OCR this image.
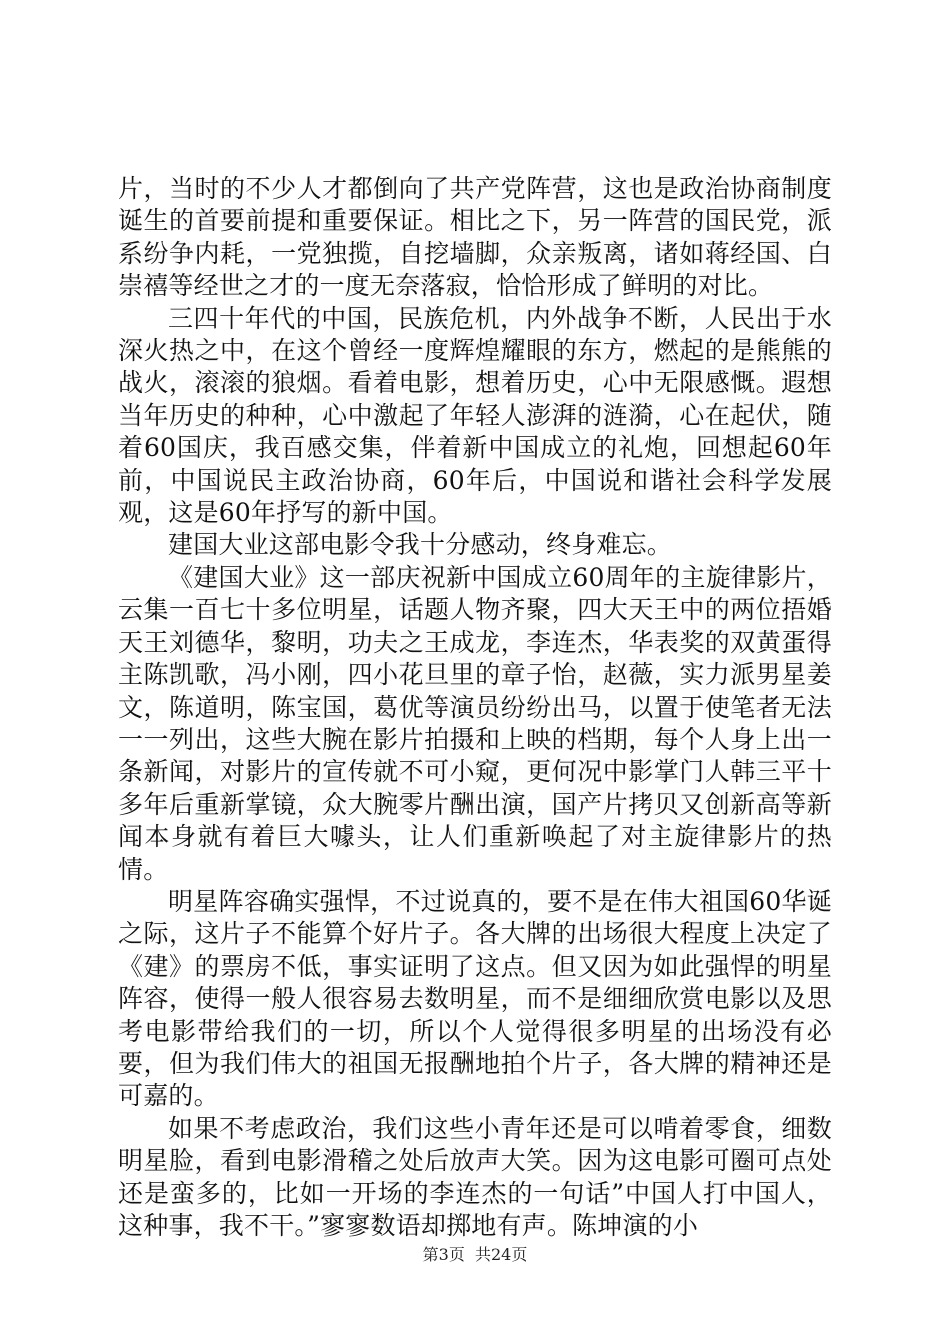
片，当时的不少人才都倒向了共产党阵营，这也是政治协商制度诞生的首要前提和重要保证。相比之下，另一阵营的国民党，派系纷争内耗，一党独揽，自挖墙脚，众亲叛离，诸如蒋经国、白崇禧等经世之才的一度无奈落寂，恰恰形成了鲜明的对比。

三四十年代的中国，民族危机，内外战争不断，人民出于水深火热之中，在这个曾经一度辉煌耀眼的东方，燃起的是熊熊的战火，滚滚的狼烟。看着电影，想着历史，心中无限感慨。遐想当年历史的种种，心中激起了年轻人澎湃的涟漪，心在起伏，随着60国庆，我百感交集，伴着新中国成立的礼炮，回想起60年前，中国说民主政治协商，60年后，中国说和谐社会科学发展观，这是60年抒写的新中国。

建国大业这部电影令我十分感动，终身难忘。

《建国大业》这一部庆祝新中国成立60周年的主旋律影片，云集一百七十多位明星，话题人物齐聚，四大天王中的两位捂婚天王刘德华，黎明，功夫之王成龙，李连杰，华表奖的双黄蛋得主陈凯歌，冯小刚，四小花旦里的章子怡，赵薇，实力派男星姜文，陈道明，陈宝国，葛优等演员纷纷出马，以置于使笔者无法一一列出，这些大腕在影片拍摄和上映的档期，每个人身上出一条新闻，对影片的宣传就不可小窥，更何况中影掌门人韩三平十多年后重新掌镜，众大腕零片酬出演，国产片拷贝又创新高等新闻本身就有着巨大噱头，让人们重新唤起了对主旋律影片的热情。

明星阵容确实强悍，不过说真的，要不是在伟大祖国60华诞之际，这片子不能算个好片子。各大牌的出场很大程度上决定了《建》的票房不低，事实证明了这点。但又因为如此强悍的明星阵容，使得一般人很容易去数明星，而不是细细欣赏电影以及思考电影带给我们的一切，所以个人觉得很多明星的出场没有必要，但为我们伟大的祖国无报酬地拍个片子，各大牌的精神还是可嘉的。

如果不考虑政治，我们这些小青年还是可以啃着零食，细数明星脸，看到电影滑稽之处后放声大笑。因为这电影可圈可点处还是蛮多的，比如一开场的李连杰的一句话”中国人打中国人，这种事，我不干。”寥寥数语却掷地有声。陈坤演的小

第3页  共24页
